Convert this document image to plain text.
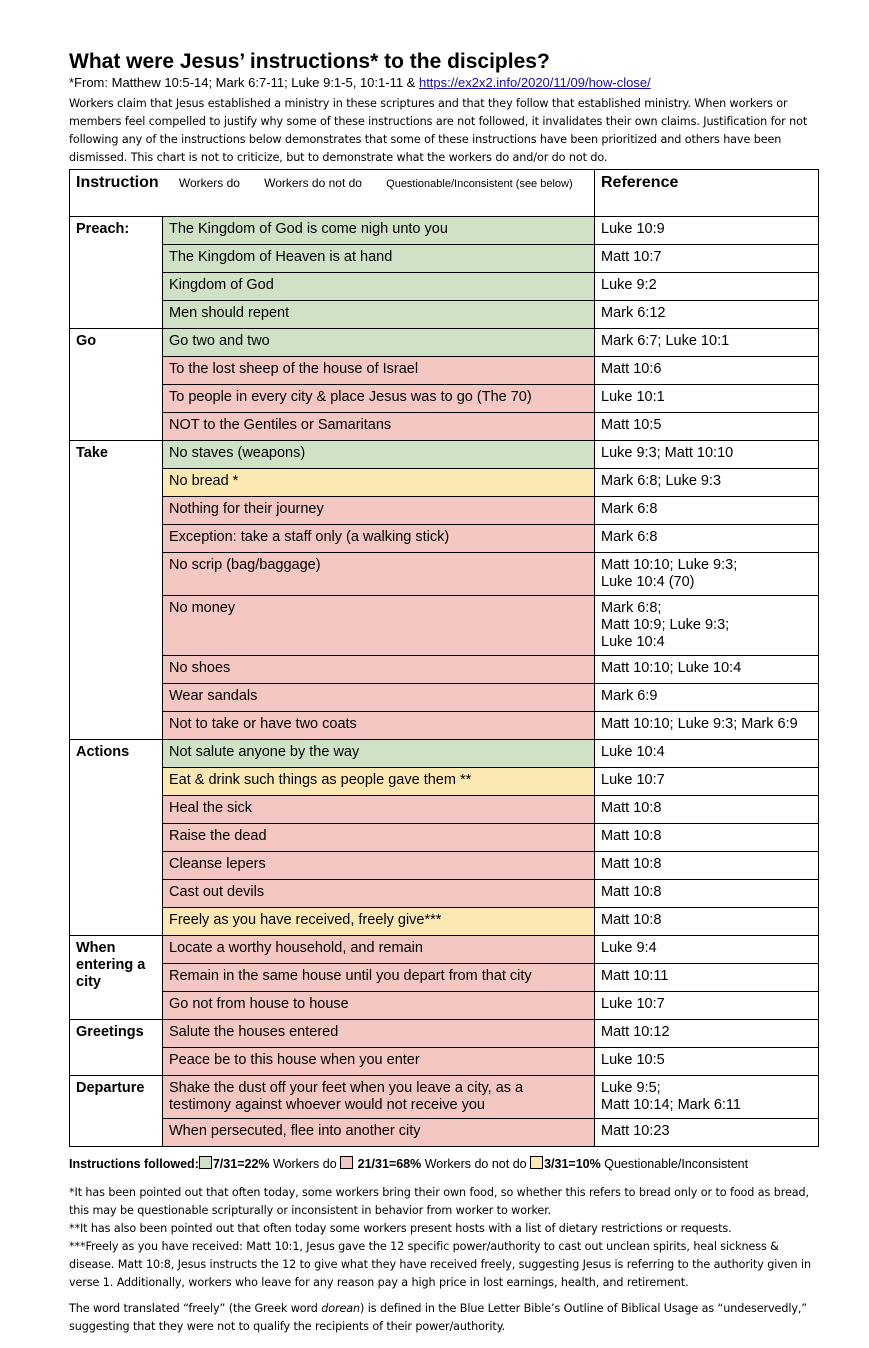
What were Jesus’ instructions* to the disciples?
*From: Matthew 10:5-14; Mark 6:7-11; Luke 9:1-5, 10:1-11 & https://ex2x2.info/2020/11/09/how-close/
Workers claim that Jesus established a ministry in these scriptures and that they follow that established ministry. When workers or members feel compelled to justify why some of these instructions are not followed, it invalidates their own claims. Justification for not following any of the instructions below demonstrates that some of these instructions have been prioritized and others have been dismissed. This chart is not to criticize, but to demonstrate what the workers do and/or do not do.
Instruction Workers do Workers do not do Questionable/Inconsistent (see below)		Reference
Preach:	The Kingdom of God is come nigh unto you	Luke 10:9
	The Kingdom of Heaven is at hand	Matt 10:7
	Kingdom of God	Luke 9:2
	Men should repent	Mark 6:12
Go	Go two and two	Mark 6:7; Luke 10:1
	To the lost sheep of the house of Israel	Matt 10:6
	To people in every city & place Jesus was to go (The 70)	Luke 10:1
	NOT to the Gentiles or Samaritans	Matt 10:5
Take	No staves (weapons)	Luke 9:3; Matt 10:10
	No bread *	Mark 6:8; Luke 9:3
	Nothing for their journey	Mark 6:8
	Exception: take a staff only (a walking stick)	Mark 6:8
	No scrip (bag/baggage)	Matt 10:10; Luke 9:3;
Luke 10:4 (70)
	No money	Mark 6:8;
Matt 10:9; Luke 9:3;
Luke 10:4
	No shoes	Matt 10:10; Luke 10:4
	Wear sandals	Mark 6:9
	Not to take or have two coats	Matt 10:10; Luke 9:3; Mark 6:9
Actions	Not salute anyone by the way	Luke 10:4
	Eat & drink such things as people gave them **	Luke 10:7
	Heal the sick	Matt 10:8
	Raise the dead	Matt 10:8
	Cleanse lepers	Matt 10:8
	Cast out devils	Matt 10:8
	Freely as you have received, freely give***	Matt 10:8
When entering a city	Locate a worthy household, and remain	Luke 9:4
	Remain in the same house until you depart from that city	Matt 10:11
	Go not from house to house	Luke 10:7
Greetings	Salute the houses entered	Matt 10:12
	Peace be to this house when you enter	Luke 10:5
Departure	Shake the dust off your feet when you leave a city, as a testimony against whoever would not receive you	Luke 9:5;
Matt 10:14; Mark 6:11
	When persecuted, flee into another city	Matt 10:23
Instructions followed: 7/31=22% Workers do  21/31=68% Workers do not do 3/31=10% Questionable/Inconsistent

*It has been pointed out that often today, some workers bring their own food, so whether this refers to bread only or to food as bread, this may be questionable scripturally or inconsistent in behavior from worker to worker.

**It has also been pointed out that often today some workers present hosts with a list of dietary restrictions or requests.

***Freely as you have received: Matt 10:1, Jesus gave the 12 specific power/authority to cast out unclean spirits, heal sickness & disease. Matt 10:8, Jesus instructs the 12 to give what they have received freely, suggesting Jesus is referring to the authority given in verse 1. Additionally, workers who leave for any reason pay a high price in lost earnings, health, and retirement.

The word translated “freely” (the Greek word dorean) is defined in the Blue Letter Bible’s Outline of Biblical Usage as “undeservedly,” suggesting that they were not to qualify the recipients of their power/authority.
